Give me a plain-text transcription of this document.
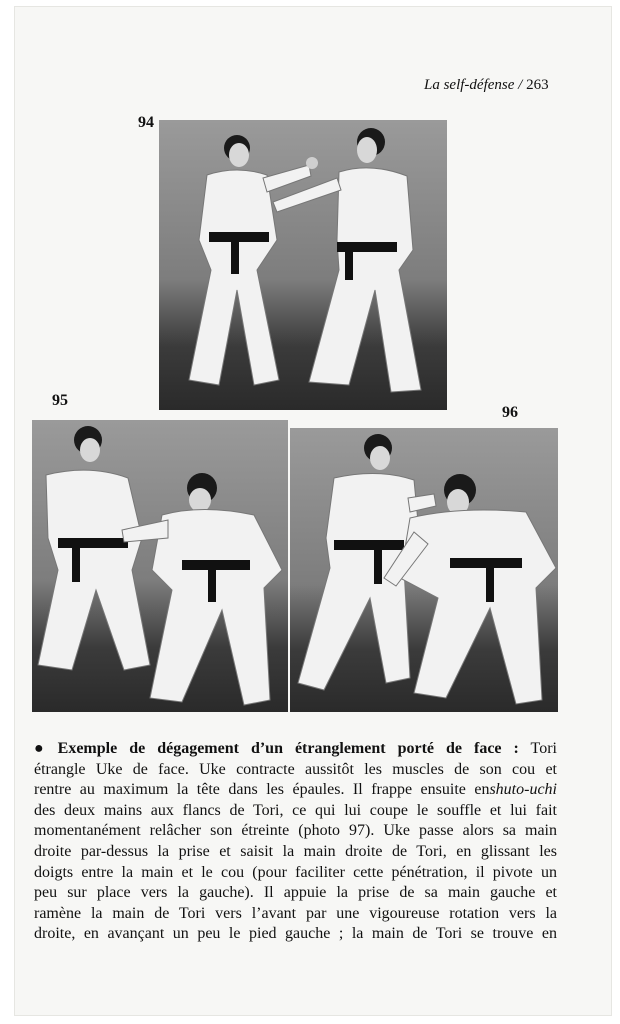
La self-défense / 263
94
95
96
● Exemple de dégagement d’un étranglement porté de face : Tori
étrangle Uke de face. Uke contracte aussitôt les muscles de son cou et
rentre au maximum la tête dans les épaules. Il frappe ensuite enshuto-uchi
des deux mains aux flancs de Tori, ce qui lui coupe le souffle et lui fait
momentanément relâcher son étreinte (photo 97). Uke passe alors sa main
droite par-dessus la prise et saisit la main droite de Tori, en glissant les
doigts entre la main et le cou (pour faciliter cette pénétration, il pivote un
peu sur place vers la gauche). Il appuie la prise de sa main gauche et
ramène la main de Tori vers l’avant par une vigoureuse rotation vers la
droite, en avançant un peu le pied gauche ; la main de Tori se trouve en
